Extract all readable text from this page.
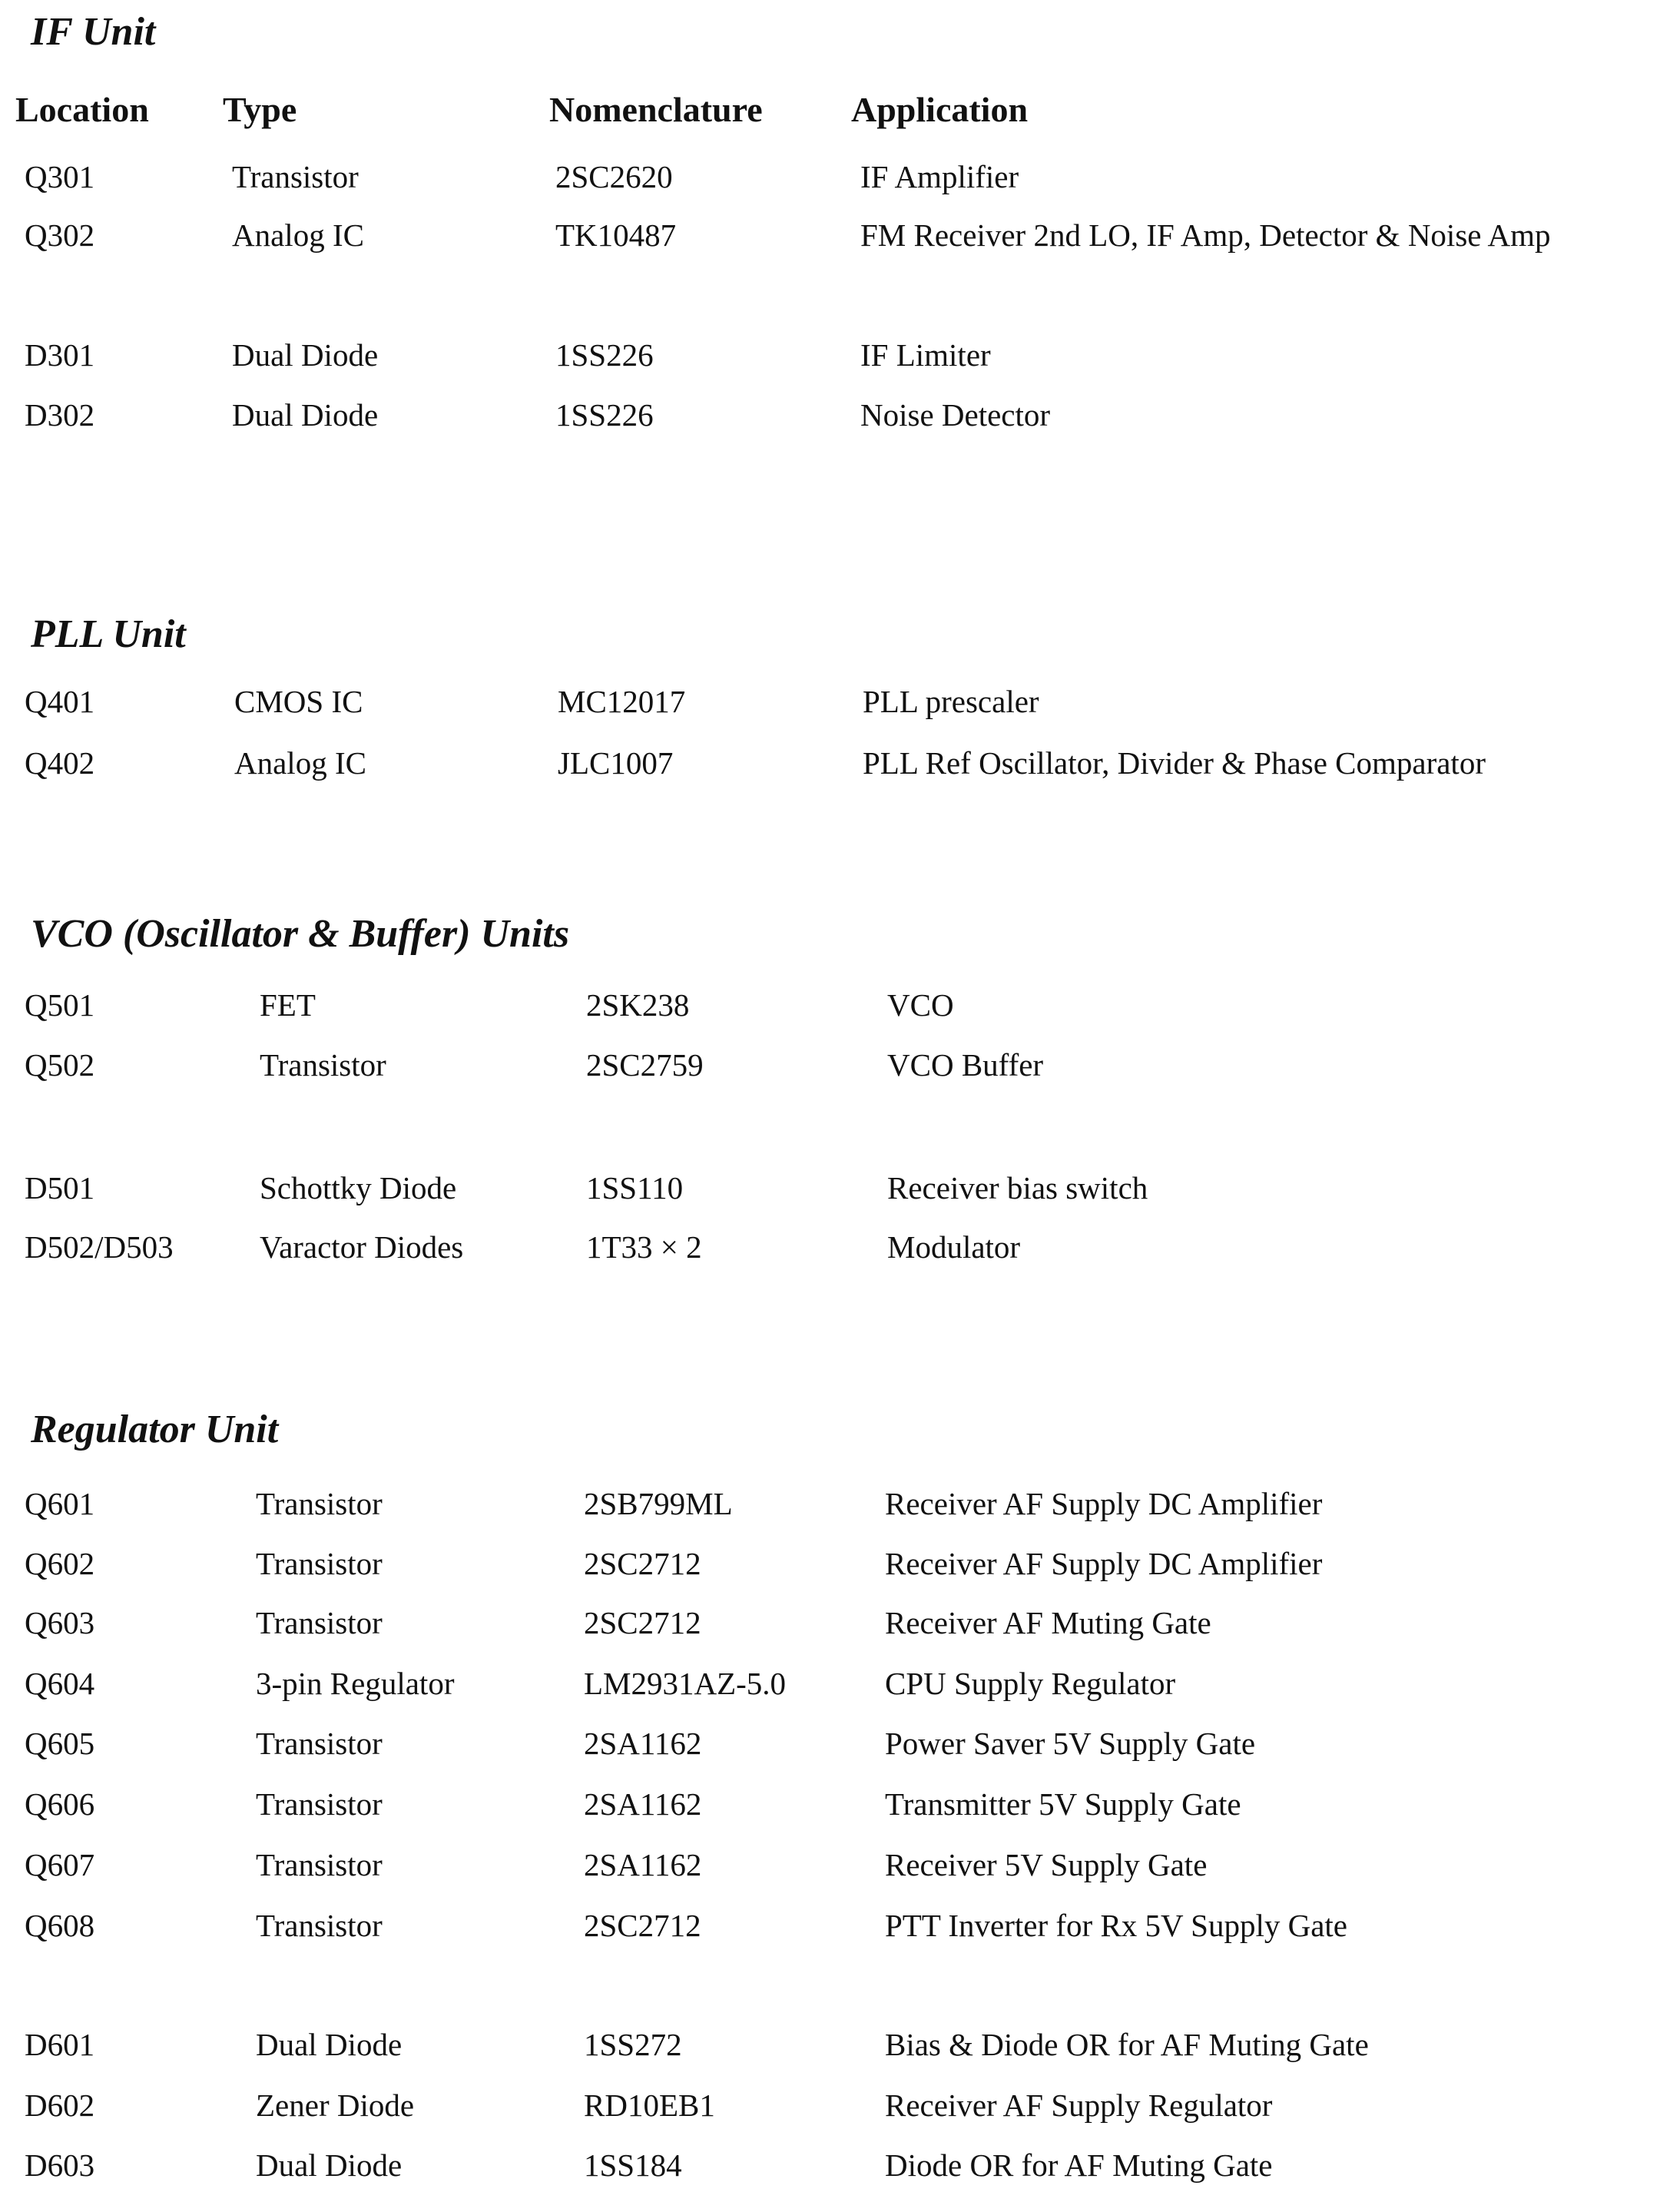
Location Type	Nomenclature	Application
IF Unit
Q301	Transistor	2SC2620	IF Amplifier
Q302	Analog IC	TK10487	FM Receiver 2nd LO, IF Amp, Detector & Noise Amp
D301	Dual Diode	1SS226	IF Limiter
D302	Dual Diode	1SS226	Noise Detector
PLL Unit
Q401	CMOS IC	MC12017	PLL prescaler
Q402	Analog IC	JLC1007	PLL Ref Oscillator, Divider & Phase Comparator
VCO (Oscillator & Buffer) Units
Q501	FET	2SK238	VCO
Q502	Transistor	2SC2759	VCO Buffer
D501	Schottky Diode	1SS110	Receiver bias switch
D502/D503	Varactor Diodes	1T33 × 2	Modulator
Regulator Unit
Q601	Transistor	2SB799ML	Receiver AF Supply DC Amplifier
Q602	Transistor	2SC2712	Receiver AF Supply DC Amplifier
Q603	Transistor	2SC2712	Receiver AF Muting Gate
Q604	3-pin Regulator	LM2931AZ-5.0	CPU Supply Regulator
Q605	Transistor	2SA1162	Power Saver 5V Supply Gate
Q606	Transistor	2SA1162	Transmitter 5V Supply Gate
Q607	Transistor	2SA1162	Receiver 5V Supply Gate
Q608	Transistor	2SC2712	PTT Inverter for Rx 5V Supply Gate
D601	Dual Diode	1SS272	Bias & Diode OR for AF Muting Gate
D602	Zener Diode	RD10EB1	Receiver AF Supply Regulator
D603	Dual Diode	1SS184	Diode OR for AF Muting Gate
